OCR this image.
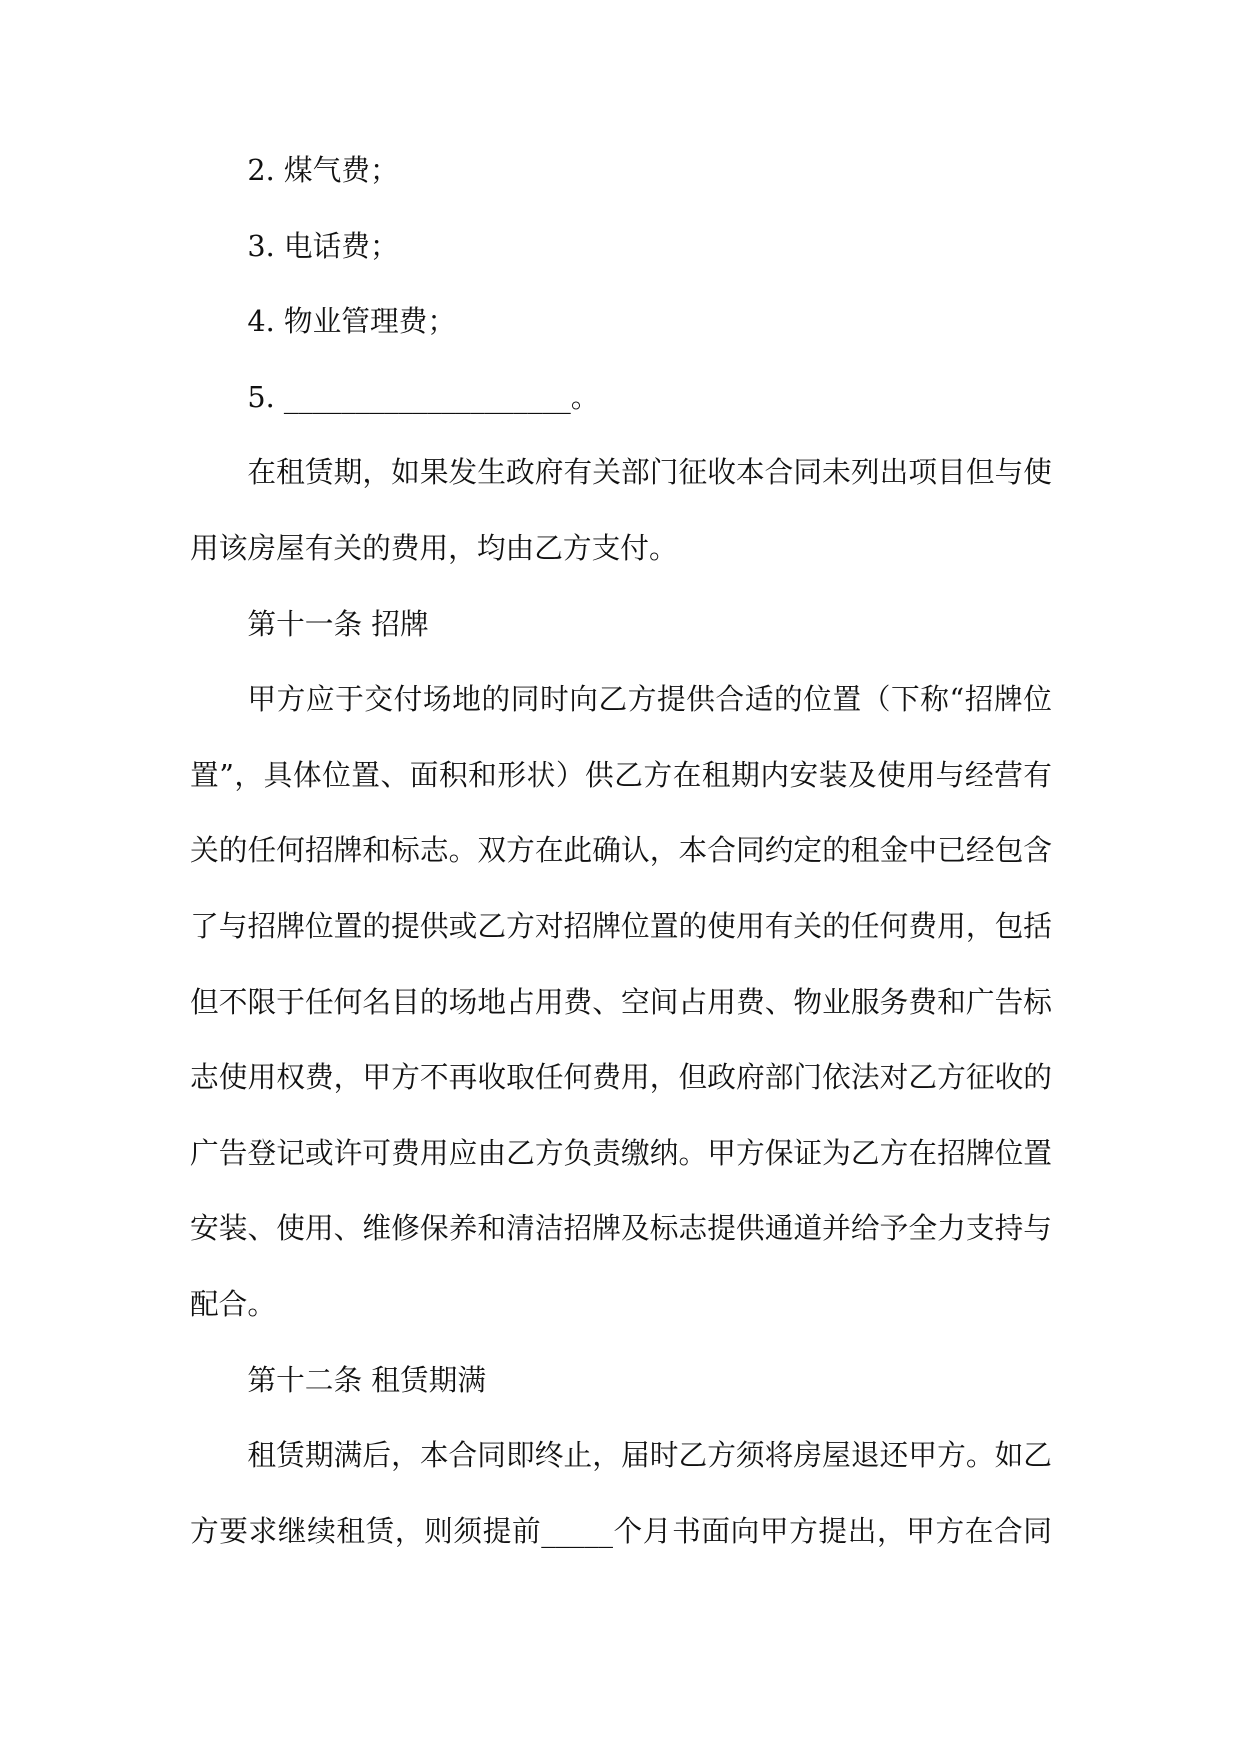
2. 煤气费；
3. 电话费；
4. 物业管理费；
5. ____________________。
在租赁期，如果发生政府有关部门征收本合同未列出项目但与使
用该房屋有关的费用，均由乙方支付。
第十一条 招牌
甲方应于交付场地的同时向乙方提供合适的位置（下称“招牌位
置”，具体位置、面积和形状）供乙方在租期内安装及使用与经营有
关的任何招牌和标志。双方在此确认，本合同约定的租金中已经包含
了与招牌位置的提供或乙方对招牌位置的使用有关的任何费用，包括
但不限于任何名目的场地占用费、空间占用费、物业服务费和广告标
志使用权费，甲方不再收取任何费用，但政府部门依法对乙方征收的
广告登记或许可费用应由乙方负责缴纳。甲方保证为乙方在招牌位置
安装、使用、维修保养和清洁招牌及标志提供通道并给予全力支持与
配合。
第十二条 租赁期满
租赁期满后，本合同即终止，届时乙方须将房屋退还甲方。如乙
方要求继续租赁，则须提前_____个月书面向甲方提出，甲方在合同
